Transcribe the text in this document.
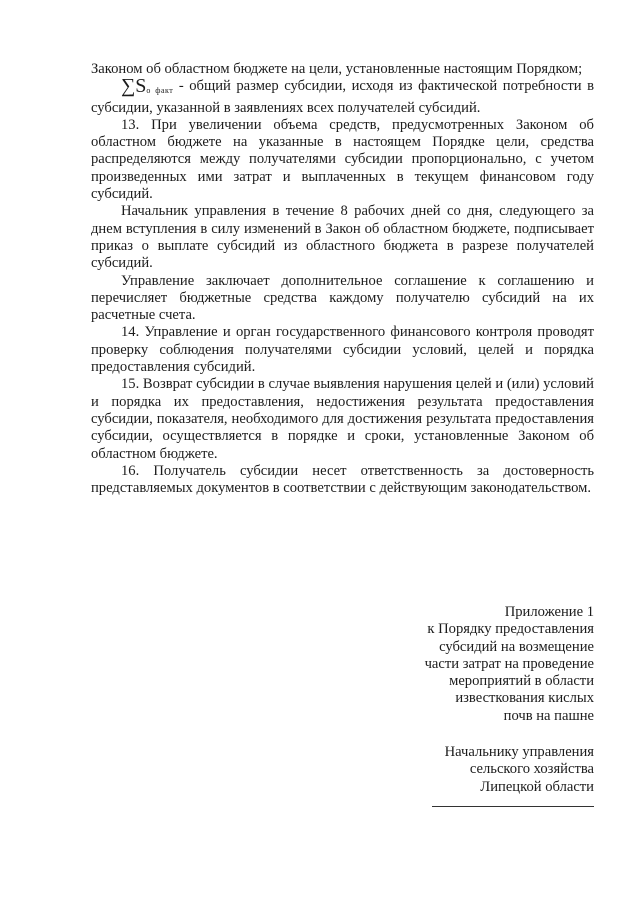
Законом об областном бюджете на цели, установленные настоящим Порядком;

$\sum S_{о факт}$ - общий размер субсидии, исходя из фактической потребности в субсидии, указанной в заявлениях всех получателей субсидий.

13. При увеличении объема средств, предусмотренных Законом об областном бюджете на указанные в настоящем Порядке цели, средства распределяются между получателями субсидии пропорционально, с учетом произведенных ими затрат и выплаченных в текущем финансовом году субсидий.

Начальник управления в течение 8 рабочих дней со дня, следующего за днем вступления в силу изменений в Закон об областном бюджете, подписывает приказ о выплате субсидий из областного бюджета в разрезе получателей субсидий.

Управление заключает дополнительное соглашение к соглашению и перечисляет бюджетные средства каждому получателю субсидий на их расчетные счета.

14. Управление и орган государственного финансового контроля проводят проверку соблюдения получателями субсидии условий, целей и порядка предоставления субсидий.

15. Возврат субсидии в случае выявления нарушения целей и (или) условий и порядка их предоставления, недостижения результата предоставления субсидии, показателя, необходимого для достижения результата предоставления субсидии, осуществляется в порядке и сроки, установленные Законом об областном бюджете.

16. Получатель субсидии несет ответственность за достоверность представляемых документов в соответствии с действующим законодательством.

Приложение 1

к Порядку предоставления

субсидий на возмещение

части затрат на проведение

мероприятий в области

известкования кислых

почв на пашне

Начальнику управления

сельского хозяйства

Липецкой области
